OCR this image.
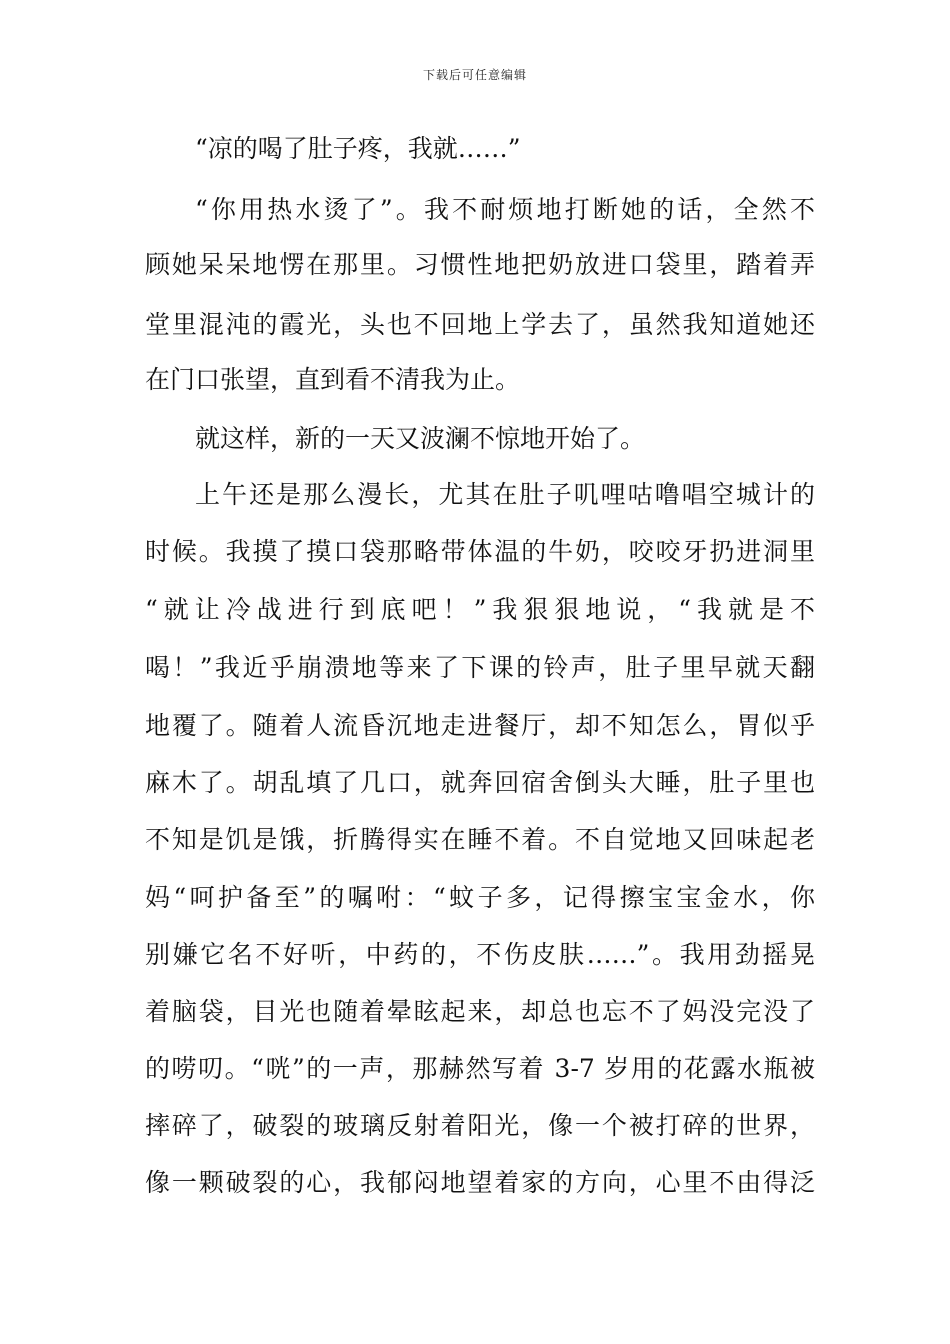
下载后可任意编辑
“凉的喝了肚子疼，我就……”
“你用热水烫了”。我不耐烦地打断她的话，全然不
顾她呆呆地愣在那里。习惯性地把奶放进口袋里，踏着弄
堂里混沌的霞光，头也不回地上学去了，虽然我知道她还
在门口张望，直到看不清我为止。
就这样，新的一天又波澜不惊地开始了。
上午还是那么漫长，尤其在肚子叽哩咕噜唱空城计的
时候。我摸了摸口袋那略带体温的牛奶，咬咬牙扔进洞里
“就让冷战进行到底吧！”我狠狠地说，“我就是不
喝！”我近乎崩溃地等来了下课的铃声，肚子里早就天翻
地覆了。随着人流昏沉地走进餐厅，却不知怎么，胃似乎
麻木了。胡乱填了几口，就奔回宿舍倒头大睡，肚子里也
不知是饥是饿，折腾得实在睡不着。不自觉地又回味起老
妈“呵护备至”的嘱咐：“蚊子多，记得擦宝宝金水，你
别嫌它名不好听，中药的，不伤皮肤……”。我用劲摇晃
着脑袋，目光也随着晕眩起来，却总也忘不了妈没完没了
的唠叨。“咣”的一声，那赫然写着 3-7 岁用的花露水瓶被
摔碎了，破裂的玻璃反射着阳光，像一个被打碎的世界，
像一颗破裂的心，我郁闷地望着家的方向，心里不由得泛
